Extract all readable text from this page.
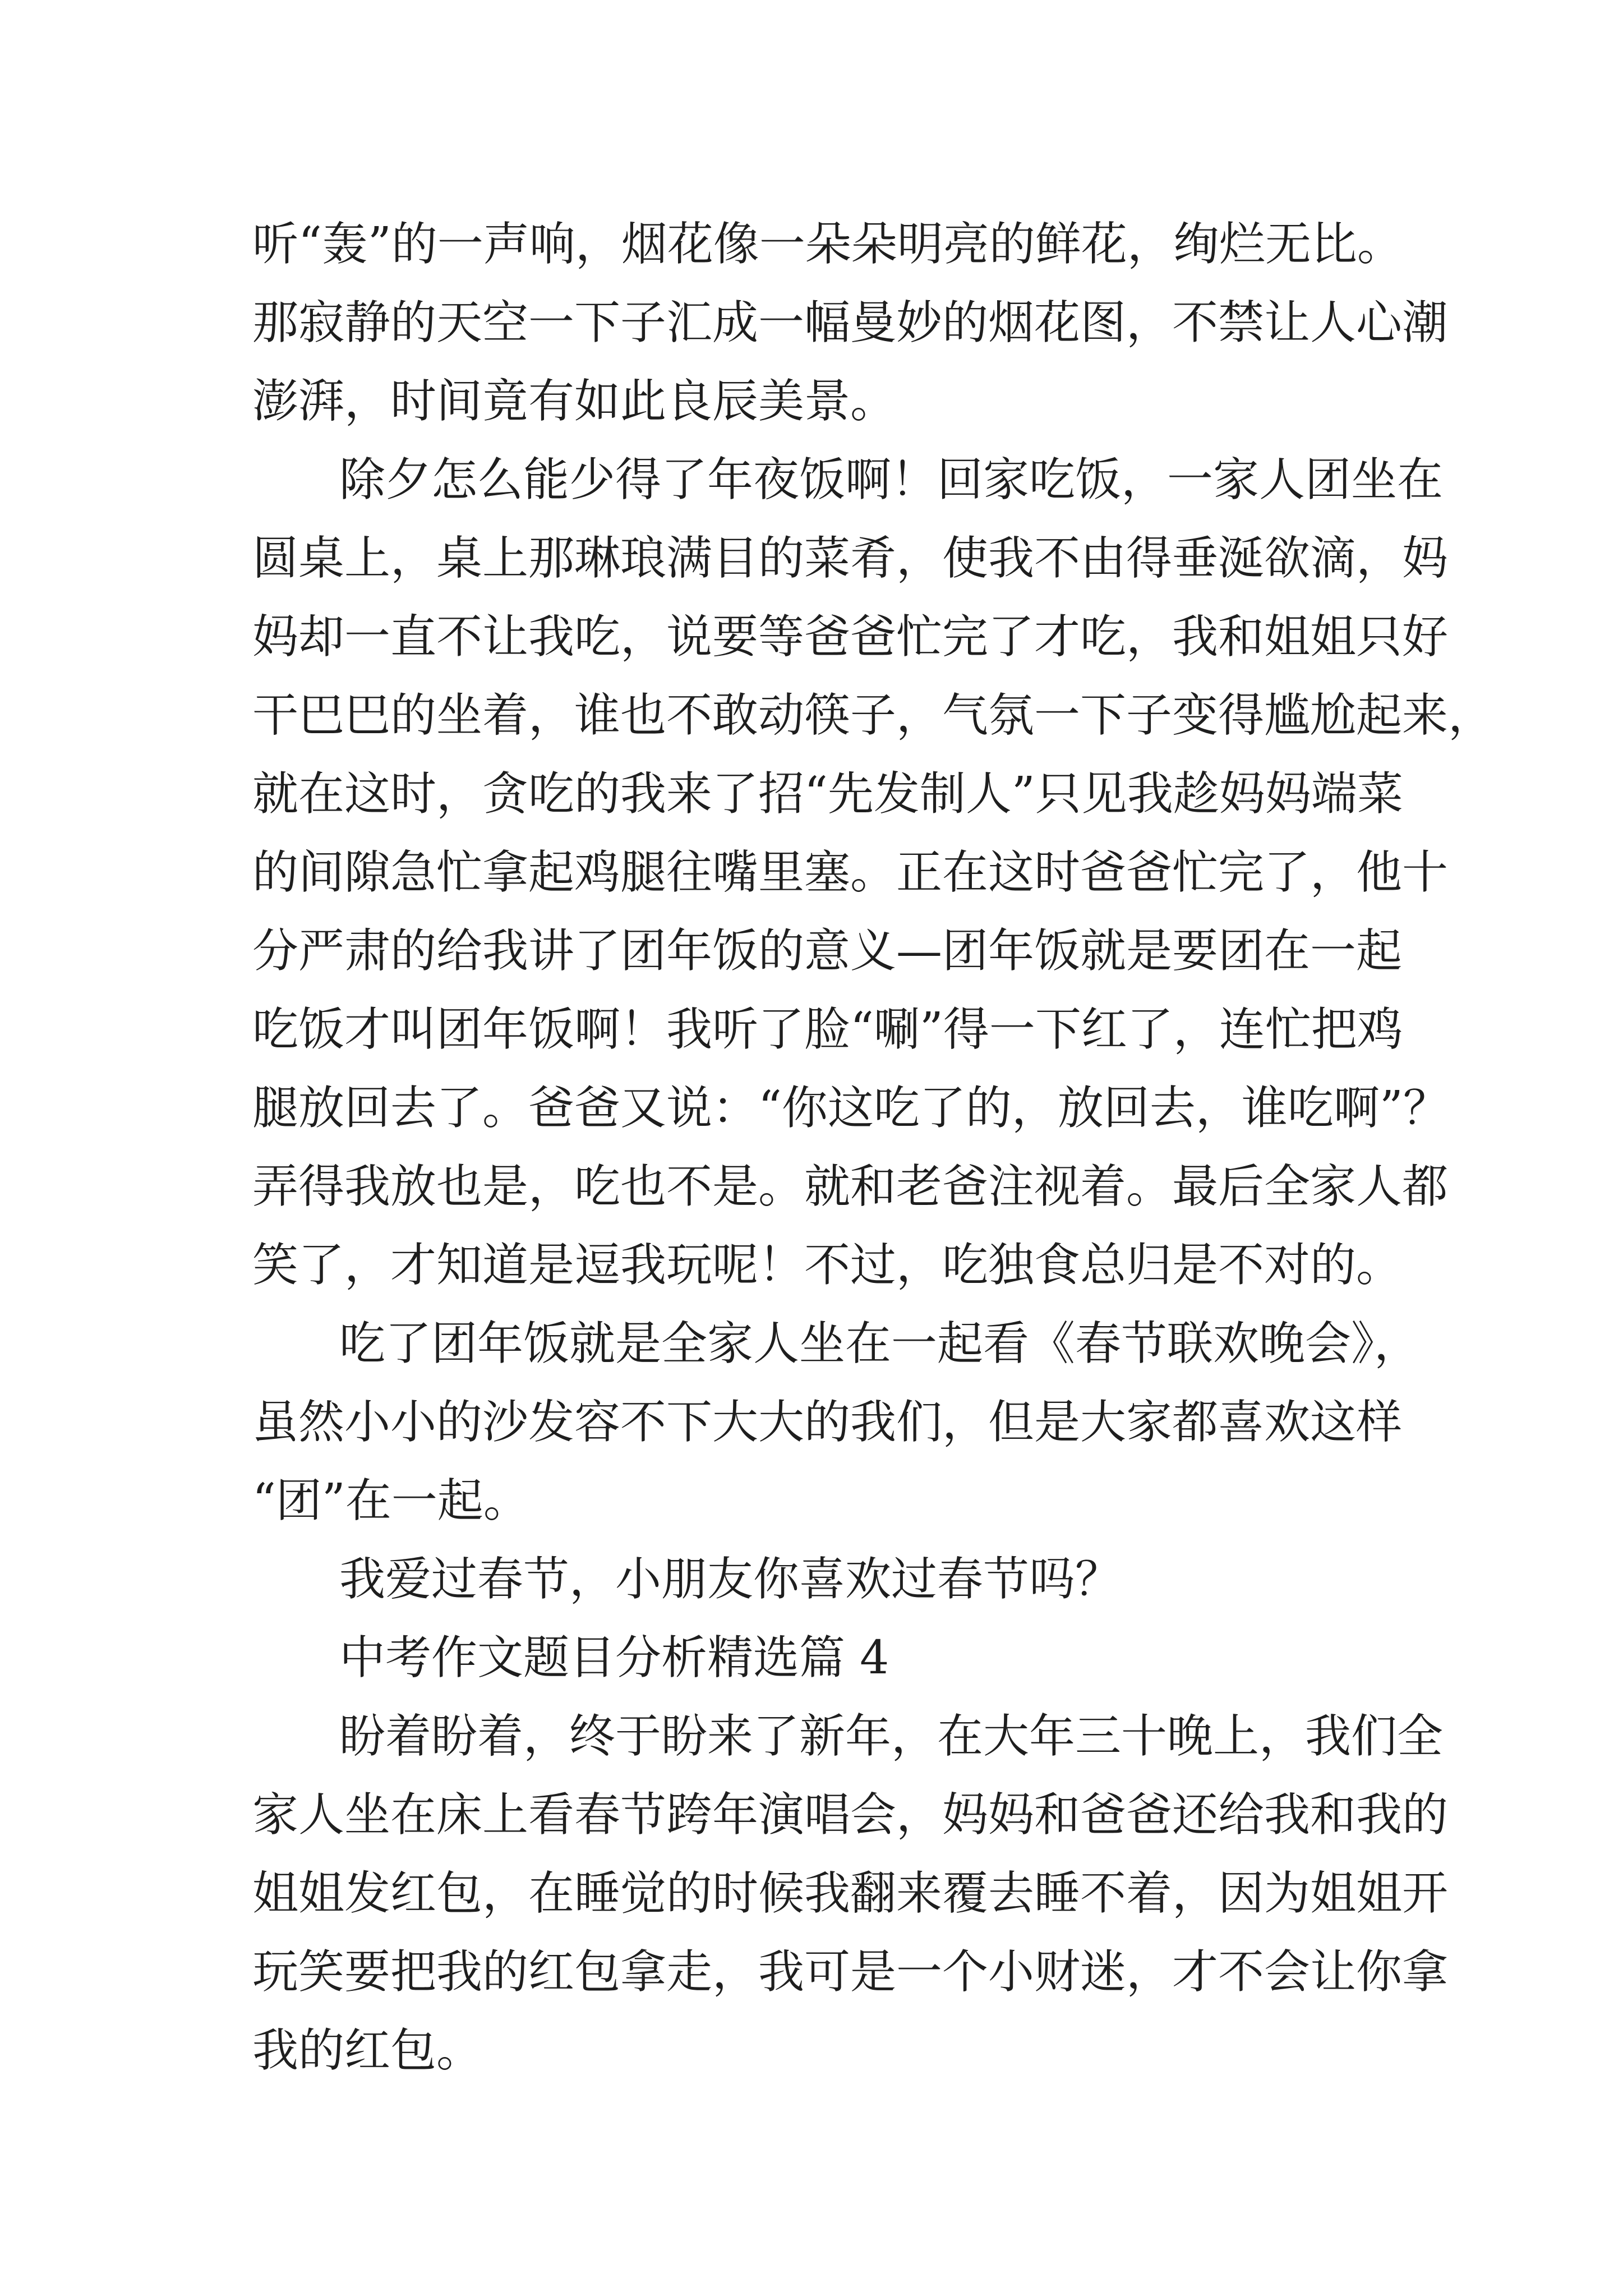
听“轰”的一声响，烟花像一朵朵明亮的鲜花，绚烂无比。
那寂静的天空一下子汇成一幅曼妙的烟花图，不禁让人心潮
澎湃，时间竟有如此良辰美景。
除夕怎么能少得了年夜饭啊！回家吃饭，一家人团坐在
圆桌上，桌上那琳琅满目的菜肴，使我不由得垂涎欲滴，妈
妈却一直不让我吃，说要等爸爸忙完了才吃，我和姐姐只好
干巴巴的坐着，谁也不敢动筷子，气氛一下子变得尴尬起来，
就在这时，贪吃的我来了招“先发制人”只见我趁妈妈端菜
的间隙急忙拿起鸡腿往嘴里塞。正在这时爸爸忙完了，他十
分严肃的给我讲了团年饭的意义—团年饭就是要团在一起
吃饭才叫团年饭啊！我听了脸“唰”得一下红了，连忙把鸡
腿放回去了。爸爸又说：“你这吃了的，放回去，谁吃啊”？
弄得我放也是，吃也不是。就和老爸注视着。最后全家人都
笑了，才知道是逗我玩呢！不过，吃独食总归是不对的。
吃了团年饭就是全家人坐在一起看《春节联欢晚会》，
虽然小小的沙发容不下大大的我们，但是大家都喜欢这样
“团”在一起。
我爱过春节，小朋友你喜欢过春节吗？
中考作文题目分析精选篇 4
盼着盼着，终于盼来了新年，在大年三十晚上，我们全
家人坐在床上看春节跨年演唱会，妈妈和爸爸还给我和我的
姐姐发红包，在睡觉的时候我翻来覆去睡不着，因为姐姐开
玩笑要把我的红包拿走，我可是一个小财迷，才不会让你拿
我的红包。
